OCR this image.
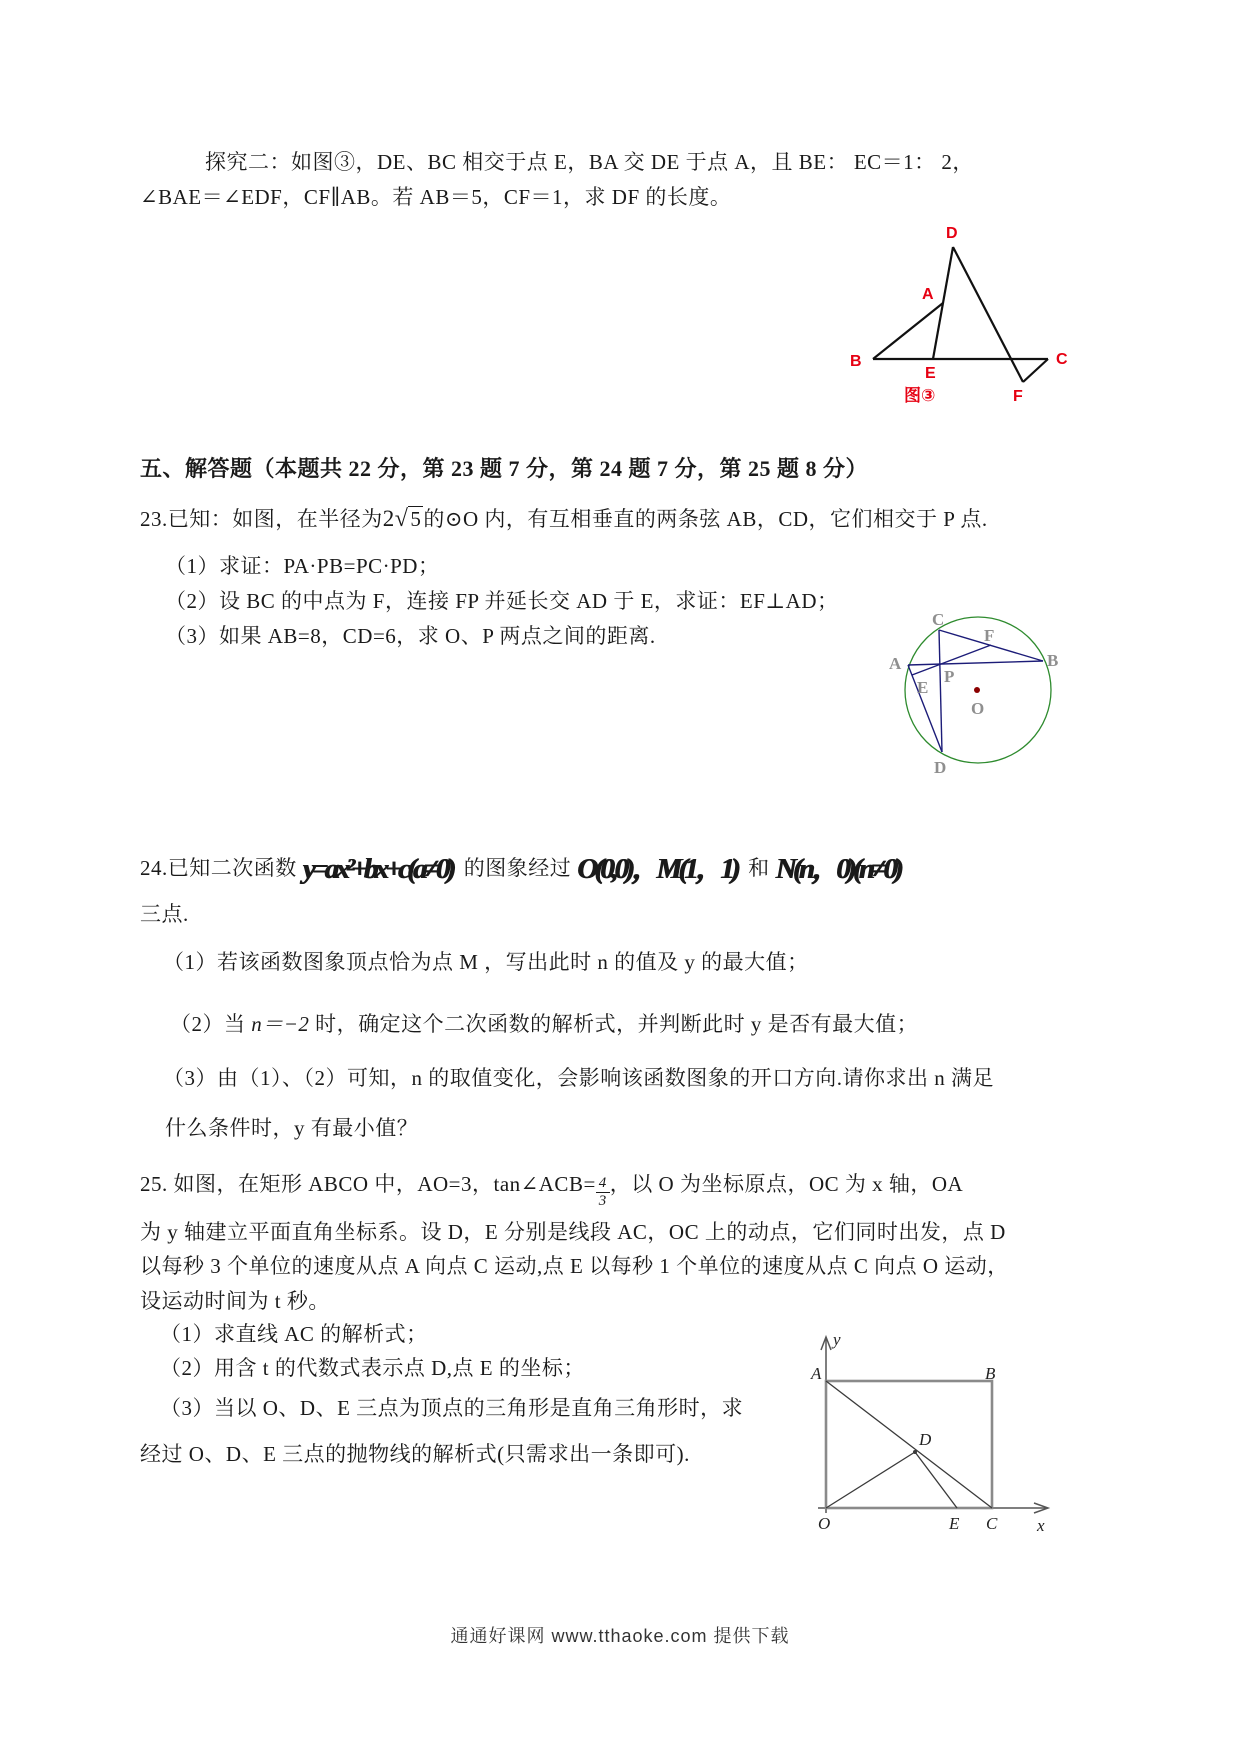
探究二：如图③，DE、BC 相交于点 E，BA 交 DE 于点 A，且 BE： EC＝1： 2，
∠BAE＝∠EDF，CF∥AB。若 AB＝5，CF＝1，求 DF 的长度。
D
A
B
E
C
F
图③
五、解答题（本题共 22 分，第 23 题 7 分，第 24 题 7 分，第 25 题 8 分）
23.已知：如图，在半径为2√5的⊙O 内，有互相垂直的两条弦 AB，CD，它们相交于 P 点.
（1）求证：PA·PB=PC·PD；
（2）设 BC 的中点为 F，连接 FP 并延长交 AD 于 E，求证：EF⊥AD；
（3）如果 AB=8，CD=6，求 O、P 两点之间的距离.
C
F
A	B
P
E
O
D
24.已知二次函数 y=ax²+bx+c(a≠0) 的图象经过 O(0,0)，M(1，1) 和 N(n，0)(n≠0)
三点.
（1）若该函数图象顶点恰为点 M ，写出此时 n 的值及 y 的最大值；
（2）当 n＝−2 时，确定这个二次函数的解析式，并判断此时 y 是否有最大值；
（3）由（1）、（2）可知，n 的取值变化，会影响该函数图象的开口方向.请你求出 n 满足
什么条件时，y 有最小值？
25. 如图，在矩形 ABCO 中，AO=3，tan∠ACB= $\frac{4}{3}$ ，以 O 为坐标原点，OC 为 x 轴，OA
为 y 轴建立平面直角坐标系。设 D，E 分别是线段 AC，OC 上的动点，它们同时出发，点 D
以每秒 3 个单位的速度从点 A 向点 C 运动,点 E 以每秒 1 个单位的速度从点 C 向点 O 运动，
设运动时间为 t 秒。
（1）求直线 AC 的解析式；
（2）用含 t 的代数式表示点 D,点 E 的坐标；
（3）当以 O、D、E 三点为顶点的三角形是直角三角形时，求
经过 O、D、E 三点的抛物线的解析式(只需求出一条即可).
y
A	B
D
O	E C x
通通好课网 www.tthaoke.com 提供下载
